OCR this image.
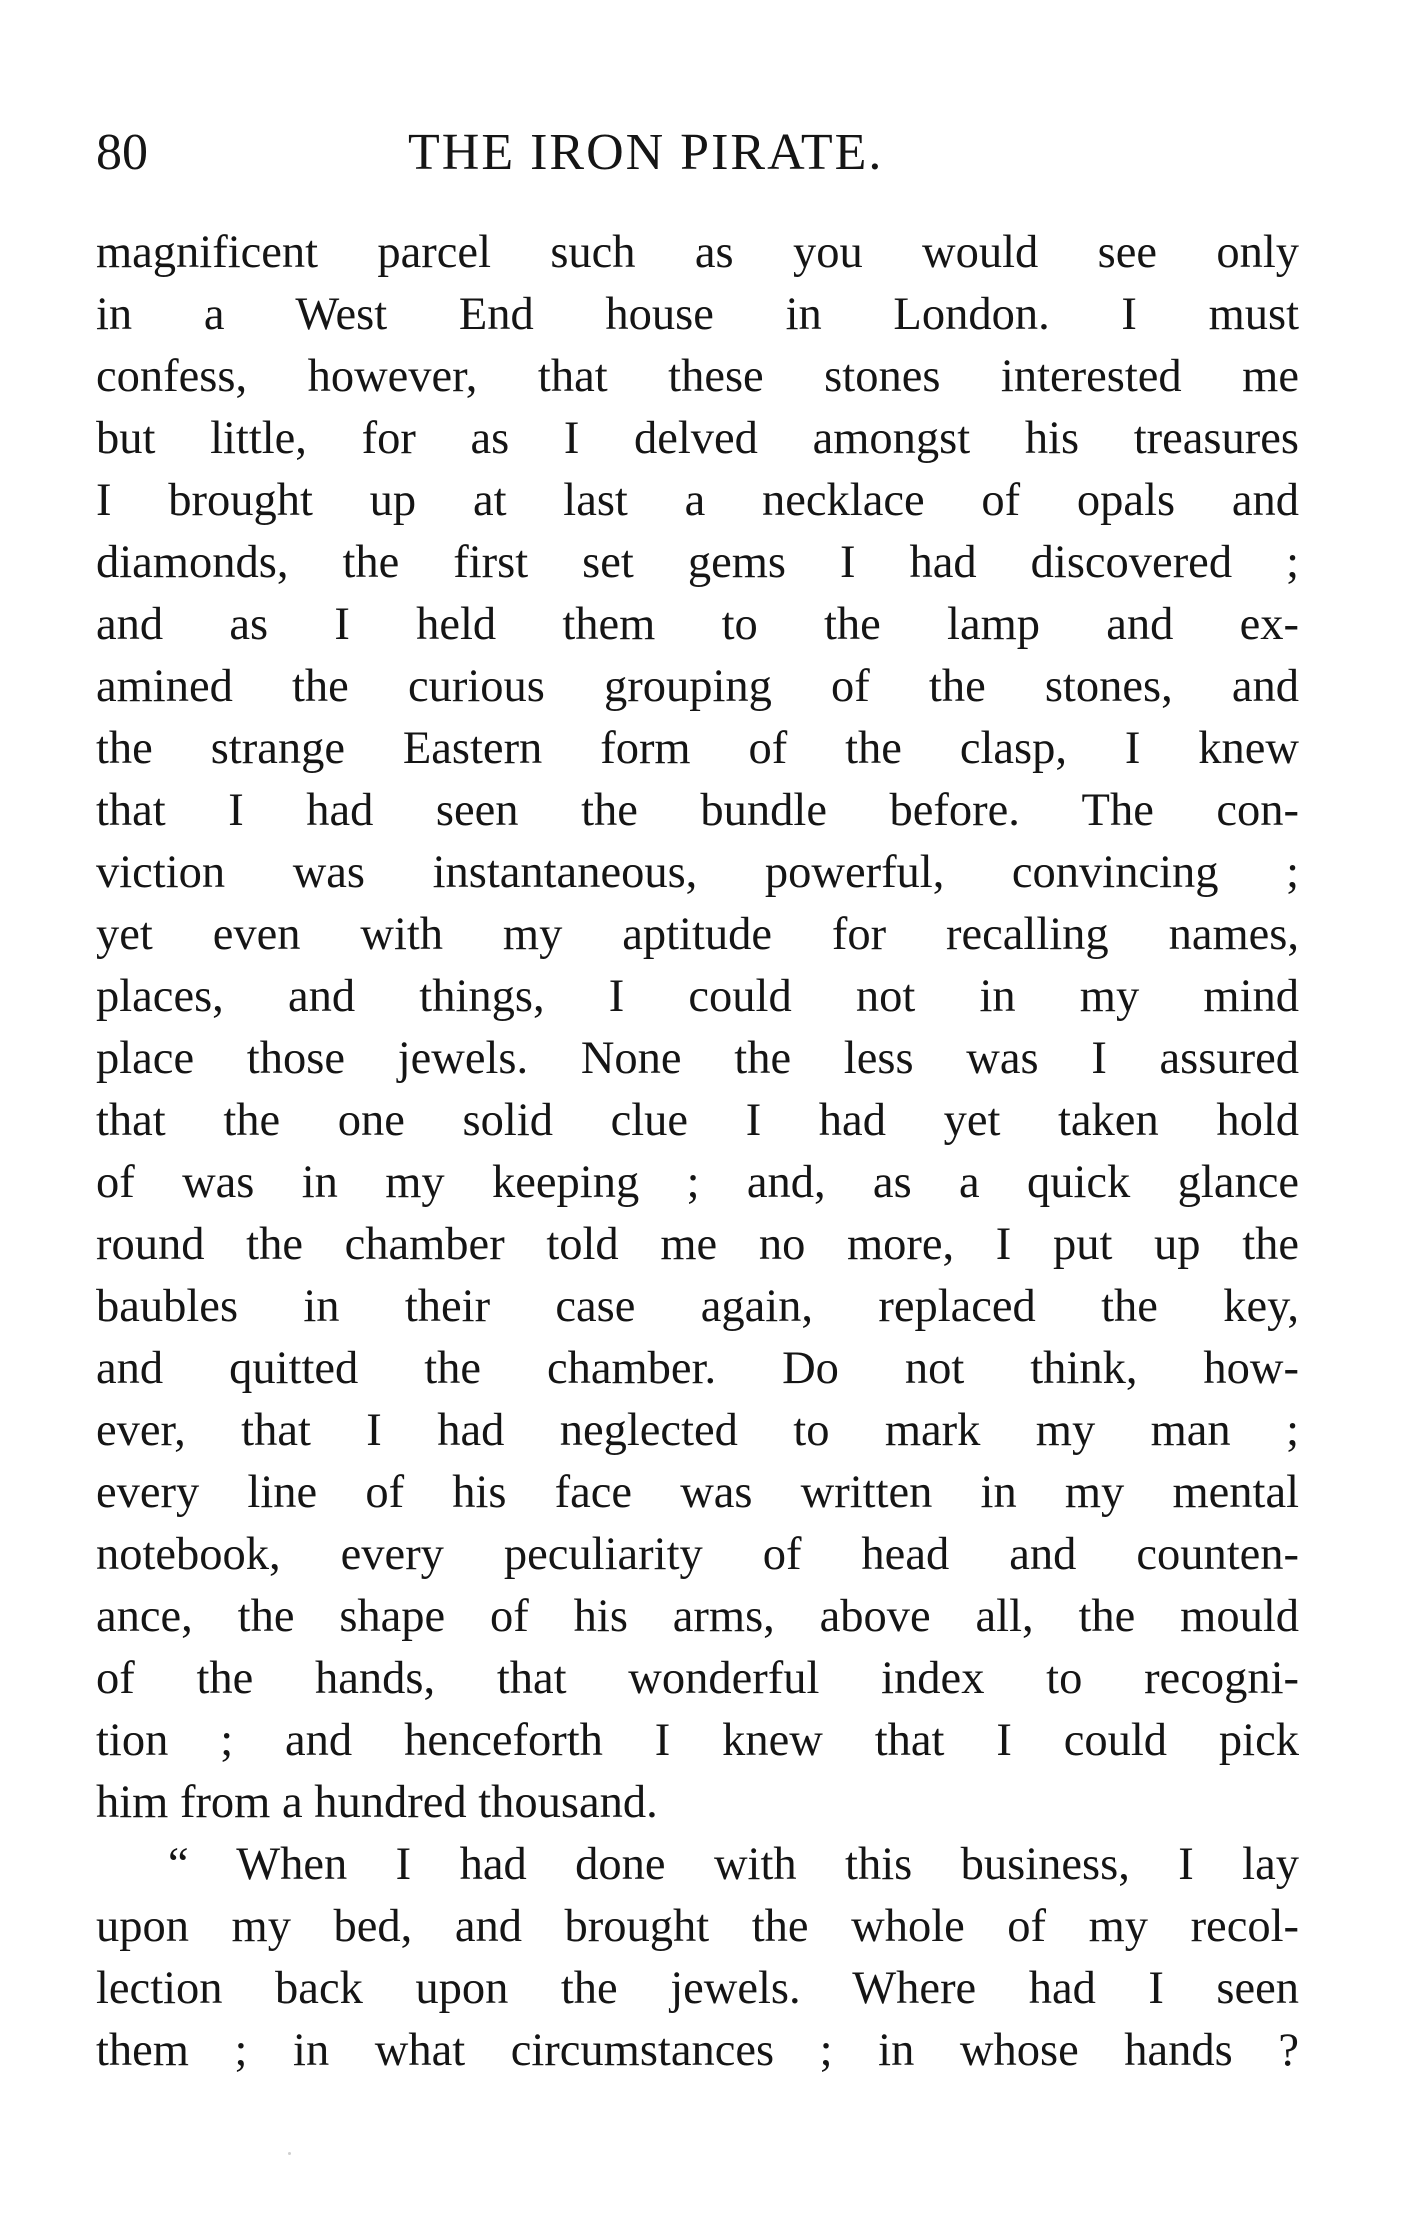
80	THE IRON PIRATE.
magnificent parcel such as you would see only
in a West End house in London. I must
confess, however, that these stones interested me
but little, for as I delved amongst his treasures
I brought up at last a necklace of opals and
diamonds, the first set gems I had discovered ;
and as I held them to the lamp and ex-
amined the curious grouping of the stones, and
the strange Eastern form of the clasp, I knew
that I had seen the bundle before. The con-
viction was instantaneous, powerful, convincing ;
yet even with my aptitude for recalling names,
places, and things, I could not in my mind
place those jewels. None the less was I assured
that the one solid clue I had yet taken hold
of was in my keeping ; and, as a quick glance
round the chamber told me no more, I put up the
baubles in their case again, replaced the key,
and quitted the chamber. Do not think, how-
ever, that I had neglected to mark my man ;
every line of his face was written in my mental
notebook, every peculiarity of head and counten-
ance, the shape of his arms, above all, the mould
of the hands, that wonderful index to recogni-
tion ; and henceforth I knew that I could pick
him from a hundred thousand.
“ When I had done with this business, I lay
upon my bed, and brought the whole of my recol-
lection back upon the jewels. Where had I seen
them ; in what circumstances ; in whose hands ?
